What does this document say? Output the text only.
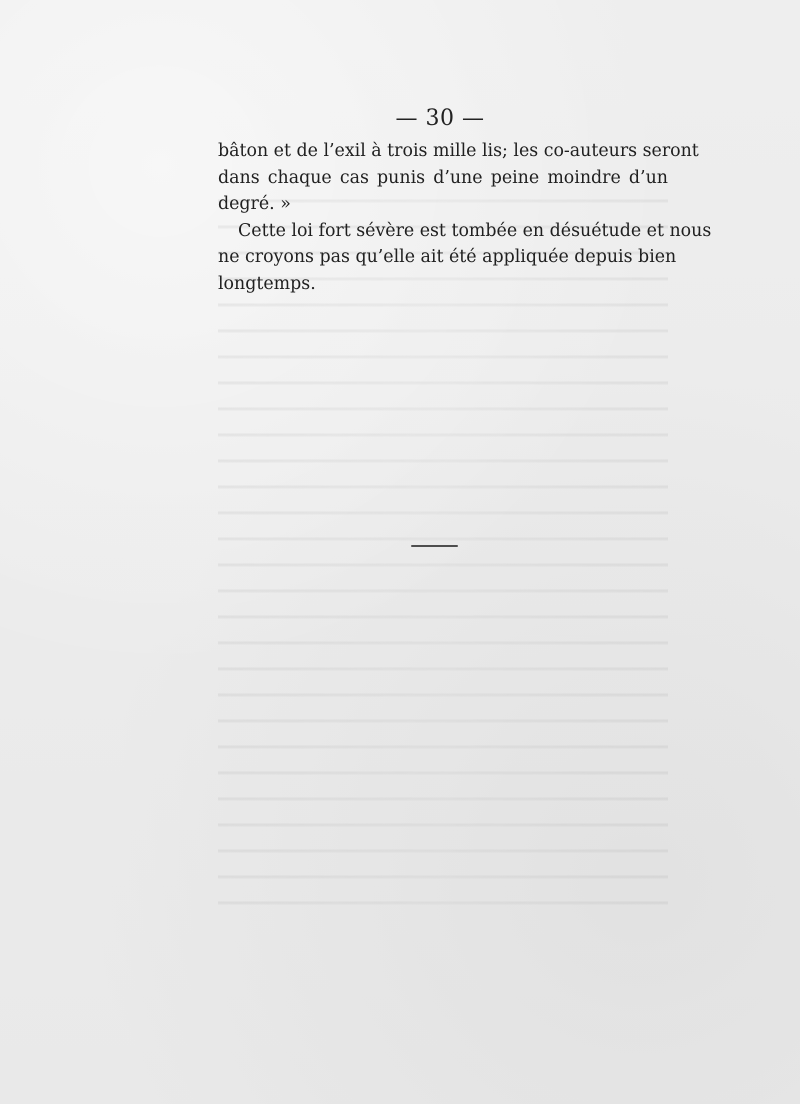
— 30 —
bâton et de l’exil à trois mille lis; les co-auteurs seront
dans chaque cas punis d’une peine moindre d’un
degré. »
Cette loi fort sévère est tombée en désuétude et nous
ne croyons pas qu’elle ait été appliquée depuis bien
longtemps.
